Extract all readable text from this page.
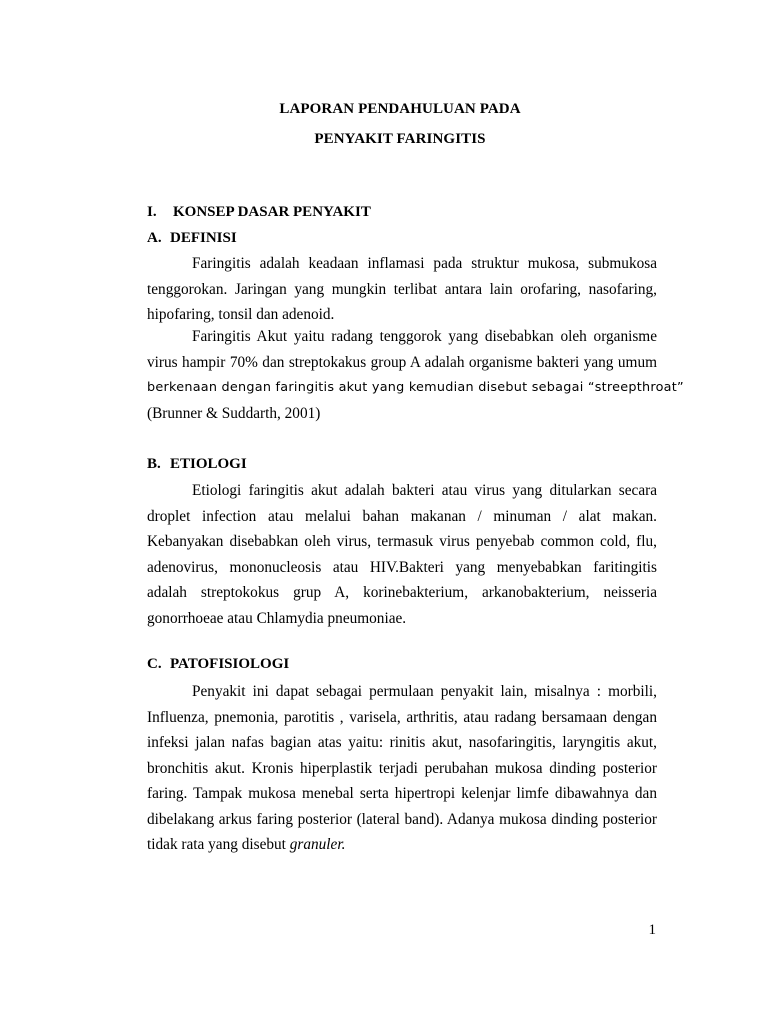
LAPORAN PENDAHULUAN PADA

PENYAKIT FARINGITIS

I. KONSEP DASAR PENYAKIT

A. DEFINISI

Faringitis adalah keadaan inflamasi pada struktur mukosa, submukosa
tenggorokan. Jaringan yang mungkin terlibat antara lain orofaring, nasofaring,
hipofaring, tonsil dan adenoid.
Faringitis Akut yaitu radang tenggorok yang disebabkan oleh organisme
virus hampir 70% dan streptokakus group A adalah organisme bakteri yang umum
berkenaan dengan faringitis akut yang kemudian disebut sebagai “streepthroat”
(Brunner & Suddarth, 2001)

B. ETIOLOGI

Etiologi faringitis akut adalah bakteri atau virus yang ditularkan secara
droplet infection atau melalui bahan makanan / minuman / alat makan.
Kebanyakan disebabkan oleh virus, termasuk virus penyebab common cold, flu,
adenovirus, mononucleosis atau HIV.Bakteri yang menyebabkan faritingitis
adalah streptokokus grup A, korinebakterium, arkanobakterium, neisseria
gonorrhoeae atau Chlamydia pneumoniae.

C. PATOFISIOLOGI

Penyakit ini dapat sebagai permulaan penyakit lain, misalnya : morbili,
Influenza, pnemonia, parotitis , varisela, arthritis, atau radang bersamaan dengan
infeksi jalan nafas bagian atas yaitu: rinitis akut, nasofaringitis, laryngitis akut,
bronchitis akut. Kronis hiperplastik terjadi perubahan mukosa dinding posterior
faring. Tampak mukosa menebal serta hipertropi kelenjar limfe dibawahnya dan
dibelakang arkus faring posterior (lateral band). Adanya mukosa dinding posterior
tidak rata yang disebut granuler.

1
